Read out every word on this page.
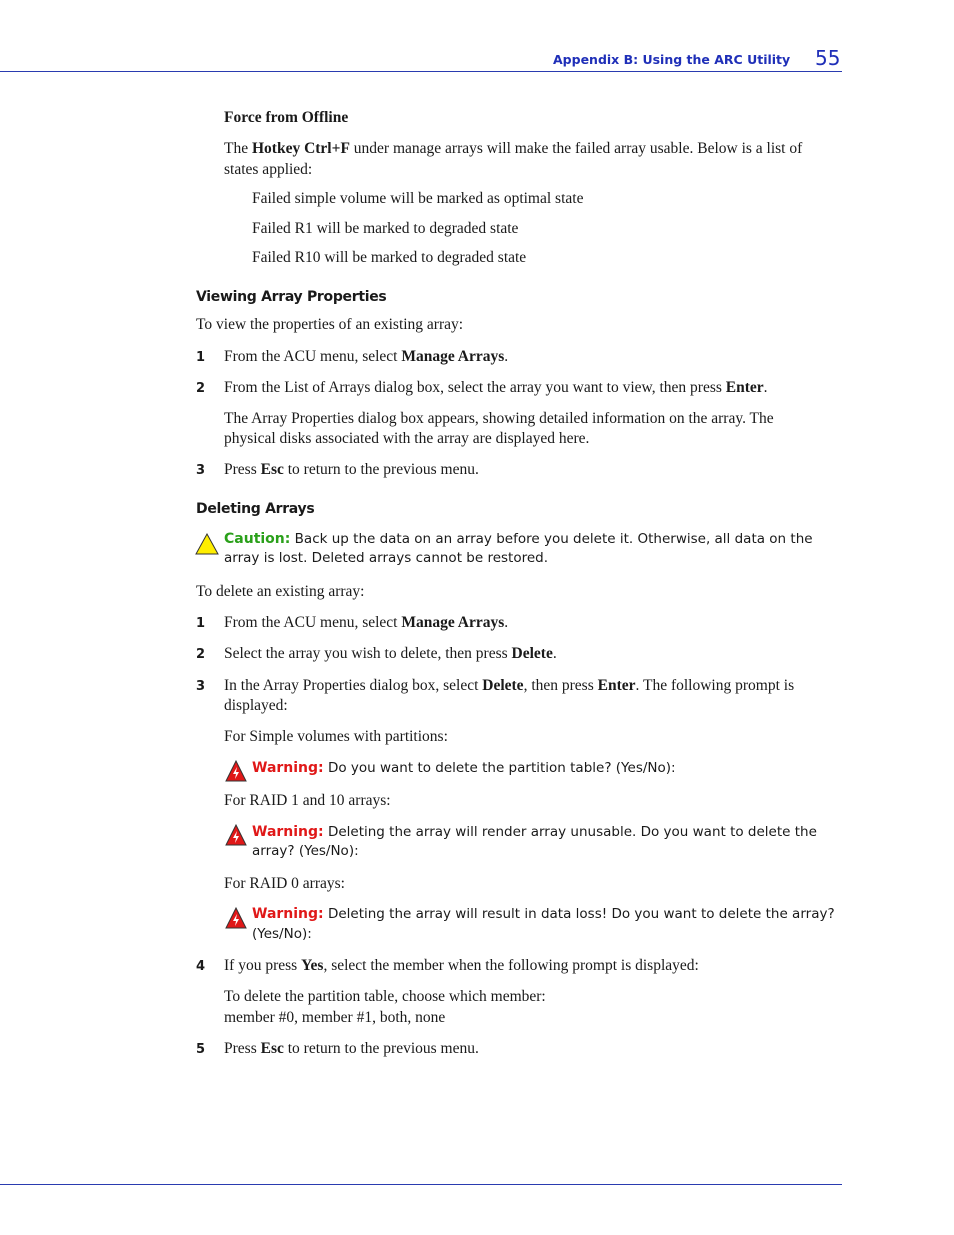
Appendix B: Using the ARC Utility 55
Force from Offline
The Hotkey Ctrl+F under manage arrays will make the failed array usable. Below is a list of
states applied:
Failed simple volume will be marked as optimal state
Failed R1 will be marked to degraded state
Failed R10 will be marked to degraded state
Viewing Array Properties
To view the properties of an existing array:
1 From the ACU menu, select Manage Arrays.
2 From the List of Arrays dialog box, select the array you want to view, then press Enter.
The Array Properties dialog box appears, showing detailed information on the array. The
physical disks associated with the array are displayed here.
3 Press Esc to return to the previous menu.
Deleting Arrays
Caution: Back up the data on an array before you delete it. Otherwise, all data on the
array is lost. Deleted arrays cannot be restored.
To delete an existing array:
1 From the ACU menu, select Manage Arrays.
2 Select the array you wish to delete, then press Delete.
3 In the Array Properties dialog box, select Delete, then press Enter. The following prompt is
displayed:
For Simple volumes with partitions:
Warning: Do you want to delete the partition table? (Yes/No):
For RAID 1 and 10 arrays:
Warning: Deleting the array will render array unusable. Do you want to delete the
array? (Yes/No):
For RAID 0 arrays:
Warning: Deleting the array will result in data loss! Do you want to delete the array?
(Yes/No):
4 If you press Yes, select the member when the following prompt is displayed:
To delete the partition table, choose which member:
member #0, member #1, both, none
5 Press Esc to return to the previous menu.
